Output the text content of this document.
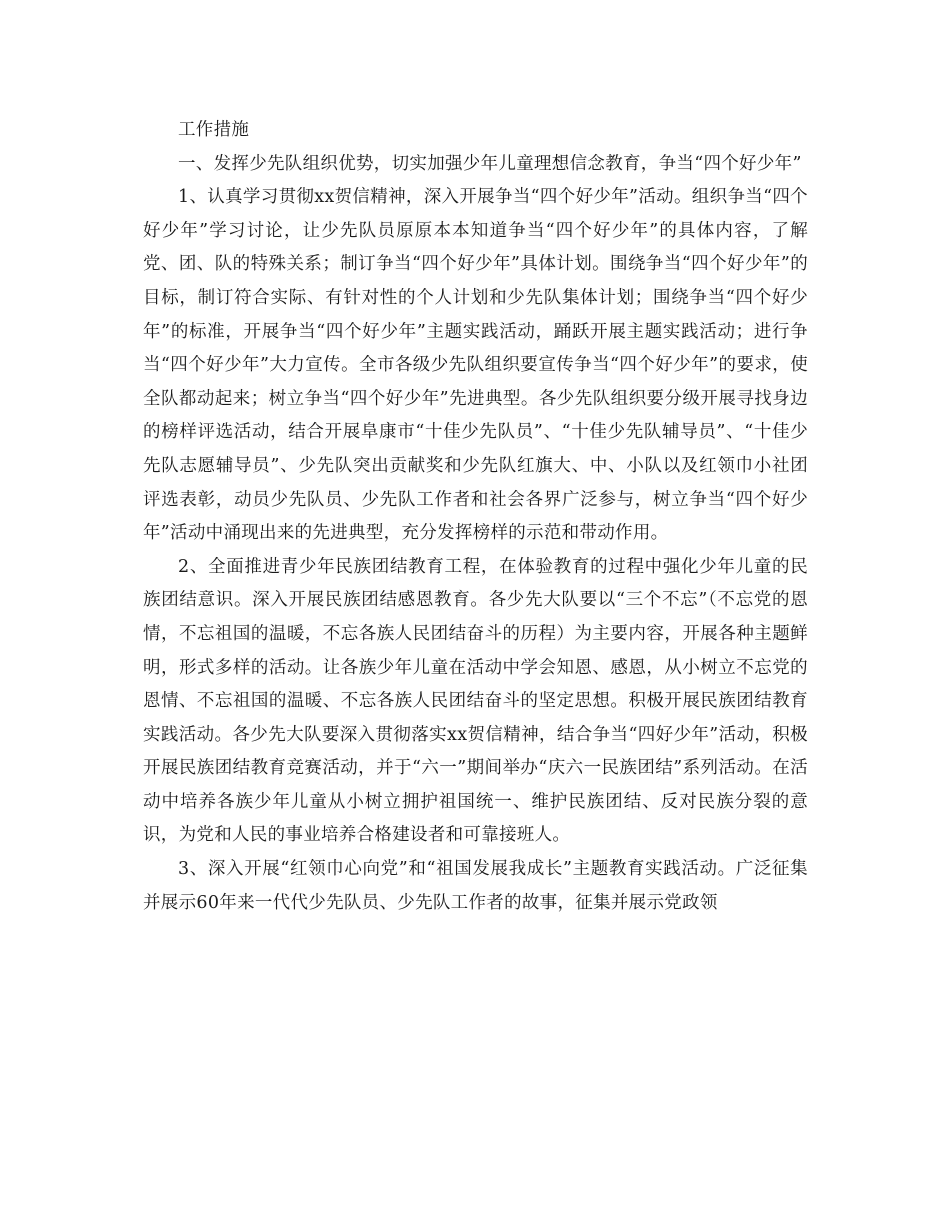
工作措施

一、发挥少先队组织优势，切实加强少年儿童理想信念教育，争当“四个好少年”

1、认真学习贯彻xx贺信精神，深入开展争当“四个好少年”活动。组织争当“四个好少年”学习讨论，让少先队员原原本本知道争当“四个好少年”的具体内容，了解党、团、队的特殊关系；制订争当“四个好少年”具体计划。围绕争当“四个好少年”的目标，制订符合实际、有针对性的个人计划和少先队集体计划；围绕争当“四个好少年”的标准，开展争当“四个好少年”主题实践活动，踊跃开展主题实践活动；进行争当“四个好少年”大力宣传。全市各级少先队组织要宣传争当“四个好少年”的要求，使全队都动起来；树立争当“四个好少年”先进典型。各少先队组织要分级开展寻找身边的榜样评选活动，结合开展阜康市“十佳少先队员”、“十佳少先队辅导员”、“十佳少先队志愿辅导员”、少先队突出贡献奖和少先队红旗大、中、小队以及红领巾小社团评选表彰，动员少先队员、少先队工作者和社会各界广泛参与，树立争当“四个好少年”活动中涌现出来的先进典型，充分发挥榜样的示范和带动作用。

2、全面推进青少年民族团结教育工程，在体验教育的过程中强化少年儿童的民族团结意识。深入开展民族团结感恩教育。各少先大队要以“三个不忘”（不忘党的恩情，不忘祖国的温暖，不忘各族人民团结奋斗的历程）为主要内容，开展各种主题鲜明，形式多样的活动。让各族少年儿童在活动中学会知恩、感恩，从小树立不忘党的恩情、不忘祖国的温暖、不忘各族人民团结奋斗的坚定思想。积极开展民族团结教育实践活动。各少先大队要深入贯彻落实xx贺信精神，结合争当“四好少年”活动，积极开展民族团结教育竞赛活动，并于“六一”期间举办“庆六一民族团结”系列活动。在活动中培养各族少年儿童从小树立拥护祖国统一、维护民族团结、反对民族分裂的意识，为党和人民的事业培养合格建设者和可靠接班人。

3、深入开展“红领巾心向党”和“祖国发展我成长”主题教育实践活动。广泛征集并展示60年来一代代少先队员、少先队工作者的故事，征集并展示党政领
